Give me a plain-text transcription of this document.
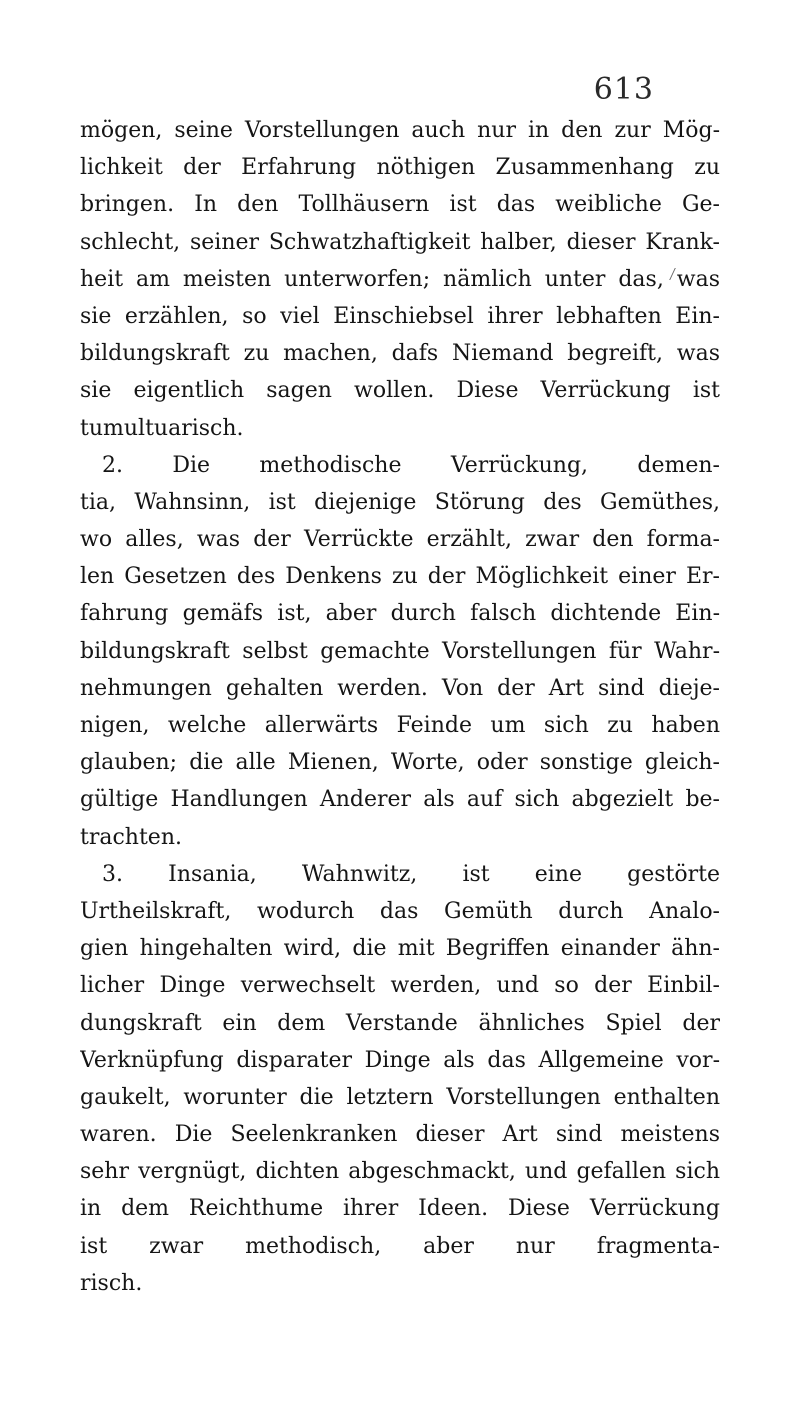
613
mögen, seine Vorstellungen auch nur in den zur Mög-
lichkeit der Erfahrung nöthigen Zusammenhang zu
bringen. In den Tollhäusern ist das weibliche Ge-
schlecht, seiner Schwatzhaftigkeit halber, dieser Krank-
heit am meisten unterworfen; nämlich unter das, was
sie erzählen, so viel Einschiebsel ihrer lebhaften Ein-
bildungskraft zu machen, dafs Niemand begreift, was
sie eigentlich sagen wollen. Diese Verrückung ist
tumultuarisch.
2. Die methodische Verrückung, demen-
tia, Wahnsinn, ist diejenige Störung des Gemüthes,
wo alles, was der Verrückte erzählt, zwar den forma-
len Gesetzen des Denkens zu der Möglichkeit einer Er-
fahrung gemäfs ist, aber durch falsch dichtende Ein-
bildungskraft selbst gemachte Vorstellungen für Wahr-
nehmungen gehalten werden. Von der Art sind dieje-
nigen, welche allerwärts Feinde um sich zu haben
glauben; die alle Mienen, Worte, oder sonstige gleich-
gültige Handlungen Anderer als auf sich abgezielt be-
trachten.
3. Insania, Wahnwitz, ist eine gestörte
Urtheilskraft, wodurch das Gemüth durch Analo-
gien hingehalten wird, die mit Begriffen einander ähn-
licher Dinge verwechselt werden, und so der Einbil-
dungskraft ein dem Verstande ähnliches Spiel der
Verknüpfung disparater Dinge als das Allgemeine vor-
gaukelt, worunter die letztern Vorstellungen enthalten
waren. Die Seelenkranken dieser Art sind meistens
sehr vergnügt, dichten abgeschmackt, und gefallen sich
in dem Reichthume ihrer Ideen. Diese Verrückung
ist zwar methodisch, aber nur fragmenta-
risch.
